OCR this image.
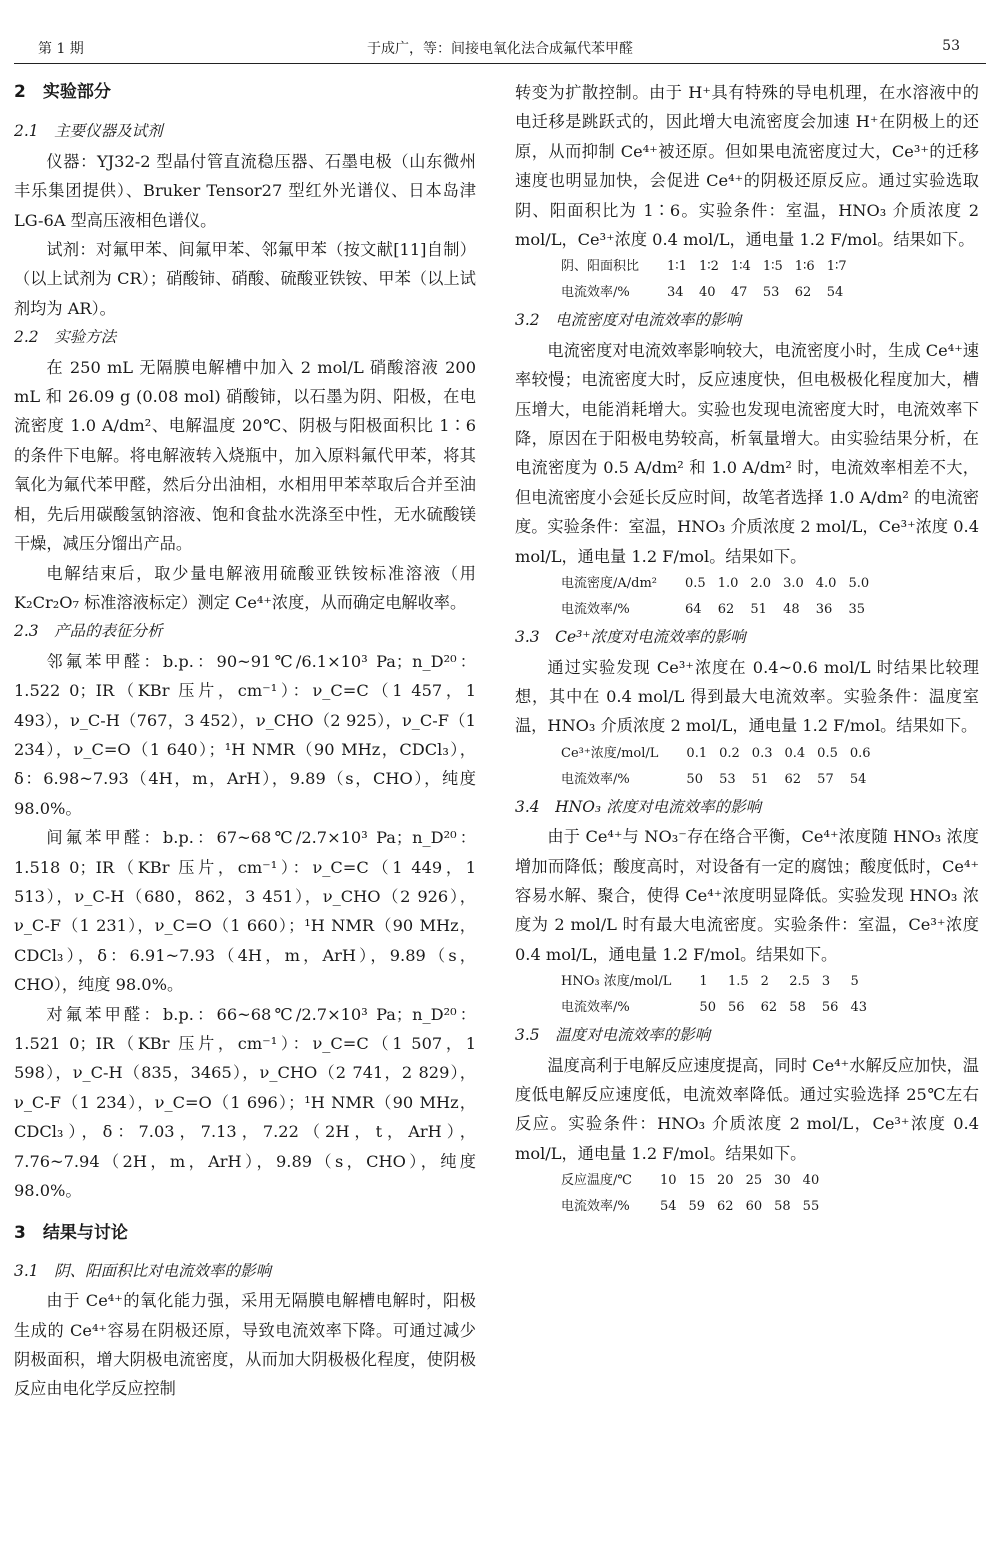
第 1 期	于成广，等：间接电氧化法合成氟代苯甲醛	53

2　实验部分

2.1　主要仪器及试剂

仪器：YJ32-2 型晶付管直流稳压器、石墨电极（山东微州丰乐集团提供）、Bruker Tensor27 型红外光谱仪、日本岛津 LG-6A 型高压液相色谱仪。

试剂：对氟甲苯、间氟甲苯、邻氟甲苯（按文献[11]自制）（以上试剂为 CR）；硝酸铈、硝酸、硫酸亚铁铵、甲苯（以上试剂均为 AR）。

2.2　实验方法

在 250 mL 无隔膜电解槽中加入 2 mol/L 硝酸溶液 200 mL 和 26.09 g (0.08 mol) 硝酸铈，以石墨为阴、阳极，在电流密度 1.0 A/dm²、电解温度 20℃、阴极与阳极面积比 1∶6 的条件下电解。将电解液转入烧瓶中，加入原料氟代甲苯，将其氧化为氟代苯甲醛，然后分出油相，水相用甲苯萃取后合并至油相，先后用碳酸氢钠溶液、饱和食盐水洗涤至中性，无水硫酸镁干燥，减压分馏出产品。

电解结束后，取少量电解液用硫酸亚铁铵标准溶液（用 K₂Cr₂O₇ 标准溶液标定）测定 Ce⁴⁺浓度，从而确定电解收率。

2.3　产品的表征分析

邻氟苯甲醛：b.p.：90~91℃/6.1×10³ Pa；n_D²⁰：1.522 0；IR（KBr 压片，cm⁻¹）：ν_C=C（1 457，1 493），ν_C-H（767，3 452），ν_CHO（2 925），ν_C-F（1 234），ν_C=O（1 640）；¹H NMR（90 MHz，CDCl₃），δ：6.98~7.93（4H，m，ArH），9.89（s，CHO），纯度 98.0%。

间氟苯甲醛：b.p.：67~68℃/2.7×10³ Pa；n_D²⁰：1.518 0；IR（KBr 压片，cm⁻¹）：ν_C=C（1 449，1 513），ν_C-H（680，862，3 451），ν_CHO（2 926），ν_C-F（1 231），ν_C=O（1 660）；¹H NMR（90 MHz，CDCl₃），δ：6.91~7.93（4H，m，ArH），9.89（s，CHO），纯度 98.0%。

对氟苯甲醛：b.p.：66~68℃/2.7×10³ Pa；n_D²⁰：1.521 0；IR（KBr 压片，cm⁻¹）：ν_C=C（1 507，1 598），ν_C-H（835，3465），ν_CHO（2 741，2 829），ν_C-F（1 234），ν_C=O（1 696）；¹H NMR（90 MHz，CDCl₃），δ：7.03，7.13，7.22（2H，t，ArH），7.76~7.94（2H，m，ArH），9.89（s，CHO），纯度 98.0%。

3　结果与讨论

3.1　阴、阳面积比对电流效率的影响

由于 Ce⁴⁺的氧化能力强，采用无隔膜电解槽电解时，阳极生成的 Ce⁴⁺容易在阴极还原，导致电流效率下降。可通过减少阴极面积，增大阴极电流密度，从而加大阴极极化程度，使阴极反应由电化学反应控制

转变为扩散控制。由于 H⁺具有特殊的导电机理，在水溶液中的电迁移是跳跃式的，因此增大电流密度会加速 H⁺在阴极上的还原，从而抑制 Ce⁴⁺被还原。但如果电流密度过大，Ce³⁺的迁移速度也明显加快，会促进 Ce⁴⁺的阴极还原反应。通过实验选取阴、阳面积比为 1∶6。实验条件：室温，HNO₃ 介质浓度 2 mol/L，Ce³⁺浓度 0.4 mol/L，通电量 1.2 F/mol。结果如下。

阴、阳面积比	1∶1	1∶2	1∶4	1∶5	1∶6	1∶7
电流效率/%	34	40	47	53	62	54

3.2　电流密度对电流效率的影响

电流密度对电流效率影响较大，电流密度小时，生成 Ce⁴⁺速率较慢；电流密度大时，反应速度快，但电极极化程度加大，槽压增大，电能消耗增大。实验也发现电流密度大时，电流效率下降，原因在于阳极电势较高，析氧量增大。由实验结果分析，在电流密度为 0.5 A/dm² 和 1.0 A/dm² 时，电流效率相差不大，但电流密度小会延长反应时间，故笔者选择 1.0 A/dm² 的电流密度。实验条件：室温，HNO₃ 介质浓度 2 mol/L，Ce³⁺浓度 0.4 mol/L，通电量 1.2 F/mol。结果如下。

电流密度/A/dm²	0.5	1.0	2.0	3.0	4.0	5.0
电流效率/%	64	62	51	48	36	35

3.3　Ce³⁺浓度对电流效率的影响

通过实验发现 Ce³⁺浓度在 0.4~0.6 mol/L 时结果比较理想，其中在 0.4 mol/L 得到最大电流效率。实验条件：温度室温，HNO₃ 介质浓度 2 mol/L，通电量 1.2 F/mol。结果如下。

Ce³⁺浓度/mol/L	0.1	0.2	0.3	0.4	0.5	0.6
电流效率/%	50	53	51	62	57	54

3.4　HNO₃ 浓度对电流效率的影响

由于 Ce⁴⁺与 NO₃⁻存在络合平衡，Ce⁴⁺浓度随 HNO₃ 浓度增加而降低；酸度高时，对设备有一定的腐蚀；酸度低时，Ce⁴⁺容易水解、聚合，使得 Ce⁴⁺浓度明显降低。实验发现 HNO₃ 浓度为 2 mol/L 时有最大电流密度。实验条件：室温，Ce³⁺浓度 0.4 mol/L，通电量 1.2 F/mol。结果如下。

HNO₃ 浓度/mol/L	1	1.5	2	2.5	3	5
电流效率/%	50	56	62	58	56	43

3.5　温度对电流效率的影响

温度高利于电解反应速度提高，同时 Ce⁴⁺水解反应加快，温度低电解反应速度低，电流效率降低。通过实验选择 25℃左右反应。实验条件：HNO₃ 介质浓度 2 mol/L，Ce³⁺浓度 0.4 mol/L，通电量 1.2 F/mol。结果如下。

反应温度/℃	10	15	20	25	30	40
电流效率/%	54	59	62	60	58	55
